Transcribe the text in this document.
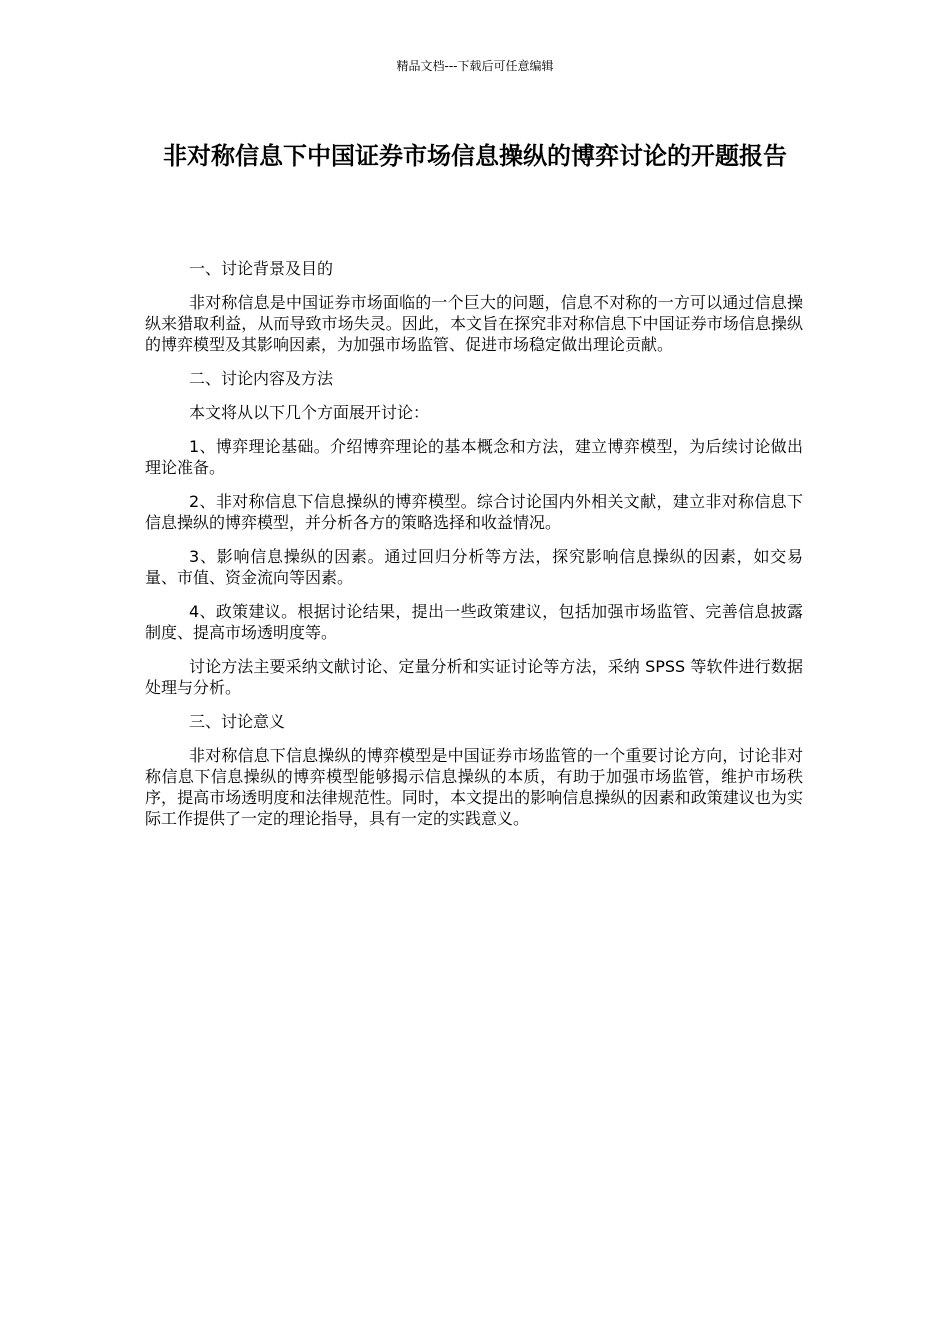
精品文档---下载后可任意编辑
非对称信息下中国证券市场信息操纵的博弈讨论的开题报告

一、讨论背景及目的

非对称信息是中国证券市场面临的一个巨大的问题，信息不对称的一方可以通过信息操纵来猎取利益，从而导致市场失灵。因此，本文旨在探究非对称信息下中国证券市场信息操纵的博弈模型及其影响因素，为加强市场监管、促进市场稳定做出理论贡献。

二、讨论内容及方法

本文将从以下几个方面展开讨论：

1、博弈理论基础。介绍博弈理论的基本概念和方法，建立博弈模型，为后续讨论做出理论准备。

2、非对称信息下信息操纵的博弈模型。综合讨论国内外相关文献，建立非对称信息下信息操纵的博弈模型，并分析各方的策略选择和收益情况。

3、影响信息操纵的因素。通过回归分析等方法，探究影响信息操纵的因素，如交易量、市值、资金流向等因素。

4、政策建议。根据讨论结果，提出一些政策建议，包括加强市场监管、完善信息披露制度、提高市场透明度等。

讨论方法主要采纳文献讨论、定量分析和实证讨论等方法，采纳 SPSS 等软件进行数据处理与分析。

三、讨论意义

非对称信息下信息操纵的博弈模型是中国证券市场监管的一个重要讨论方向，讨论非对称信息下信息操纵的博弈模型能够揭示信息操纵的本质，有助于加强市场监管，维护市场秩序，提高市场透明度和法律规范性。同时，本文提出的影响信息操纵的因素和政策建议也为实际工作提供了一定的理论指导，具有一定的实践意义。
